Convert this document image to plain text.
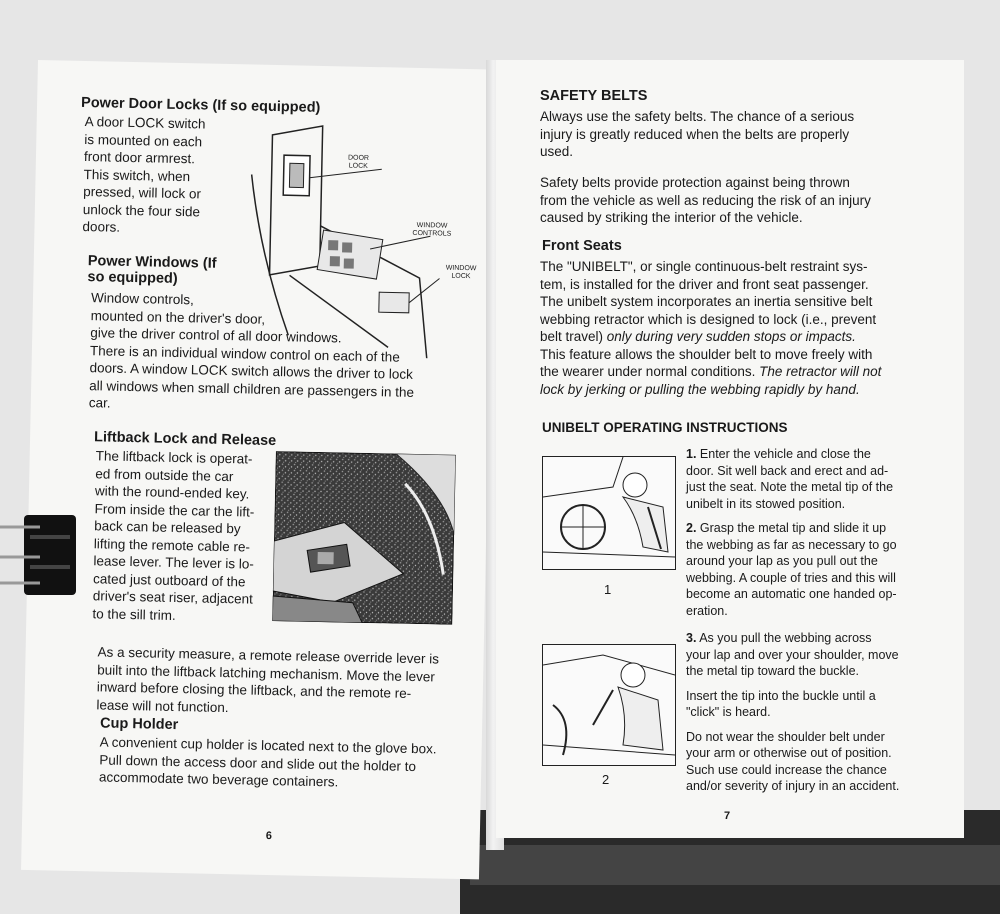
Power Door Locks (If so equipped)
A door LOCK switch
is mounted on each
front door armrest.
This switch, when
pressed, will lock or
unlock the four side
doors.
DOOR
LOCK
WINDOW
CONTROLS
WINDOW
LOCK
Power Windows (If
so equipped)
Window controls,
mounted on the driver's door,
give the driver control of all door windows.
There is an individual window control on each of the
doors. A window LOCK switch allows the driver to lock
all windows when small children are passengers in the
car.
Liftback Lock and Release
The liftback lock is operat-
ed from outside the car
with the round-ended key.
From inside the car the lift-
back can be released by
lifting the remote cable re-
lease lever. The lever is lo-
cated just outboard of the
driver's seat riser, adjacent
to the sill trim.
As a security measure, a remote release override lever is
built into the liftback latching mechanism. Move the lever
inward before closing the liftback, and the remote re-
lease will not function.
Cup Holder
A convenient cup holder is located next to the glove box.
Pull down the access door and slide out the holder to
accommodate two beverage containers.
6
SAFETY BELTS
Always use the safety belts. The chance of a serious
injury is greatly reduced when the belts are properly
used.
Safety belts provide protection against being thrown
from the vehicle as well as reducing the risk of an injury
caused by striking the interior of the vehicle.
Front Seats
The "UNIBELT", or single continuous-belt restraint sys-
tem, is installed for the driver and front seat passenger.
The unibelt system incorporates an inertia sensitive belt
webbing retractor which is designed to lock (i.e., prevent
belt travel) only during very sudden stops or impacts.
This feature allows the shoulder belt to move freely with
the wearer under normal conditions. The retractor will not
lock by jerking or pulling the webbing rapidly by hand.
UNIBELT OPERATING INSTRUCTIONS
1
1. Enter the vehicle and close the
door. Sit well back and erect and ad-
just the seat. Note the metal tip of the
unibelt in its stowed position.
2. Grasp the metal tip and slide it up
the webbing as far as necessary to go
around your lap as you pull out the
webbing. A couple of tries and this will
become an automatic one handed op-
eration.
2
3. As you pull the webbing across
your lap and over your shoulder, move
the metal tip toward the buckle.
Insert the tip into the buckle until a
"click" is heard.
Do not wear the shoulder belt under
your arm or otherwise out of position.
Such use could increase the chance
and/or severity of injury in an accident.
7
